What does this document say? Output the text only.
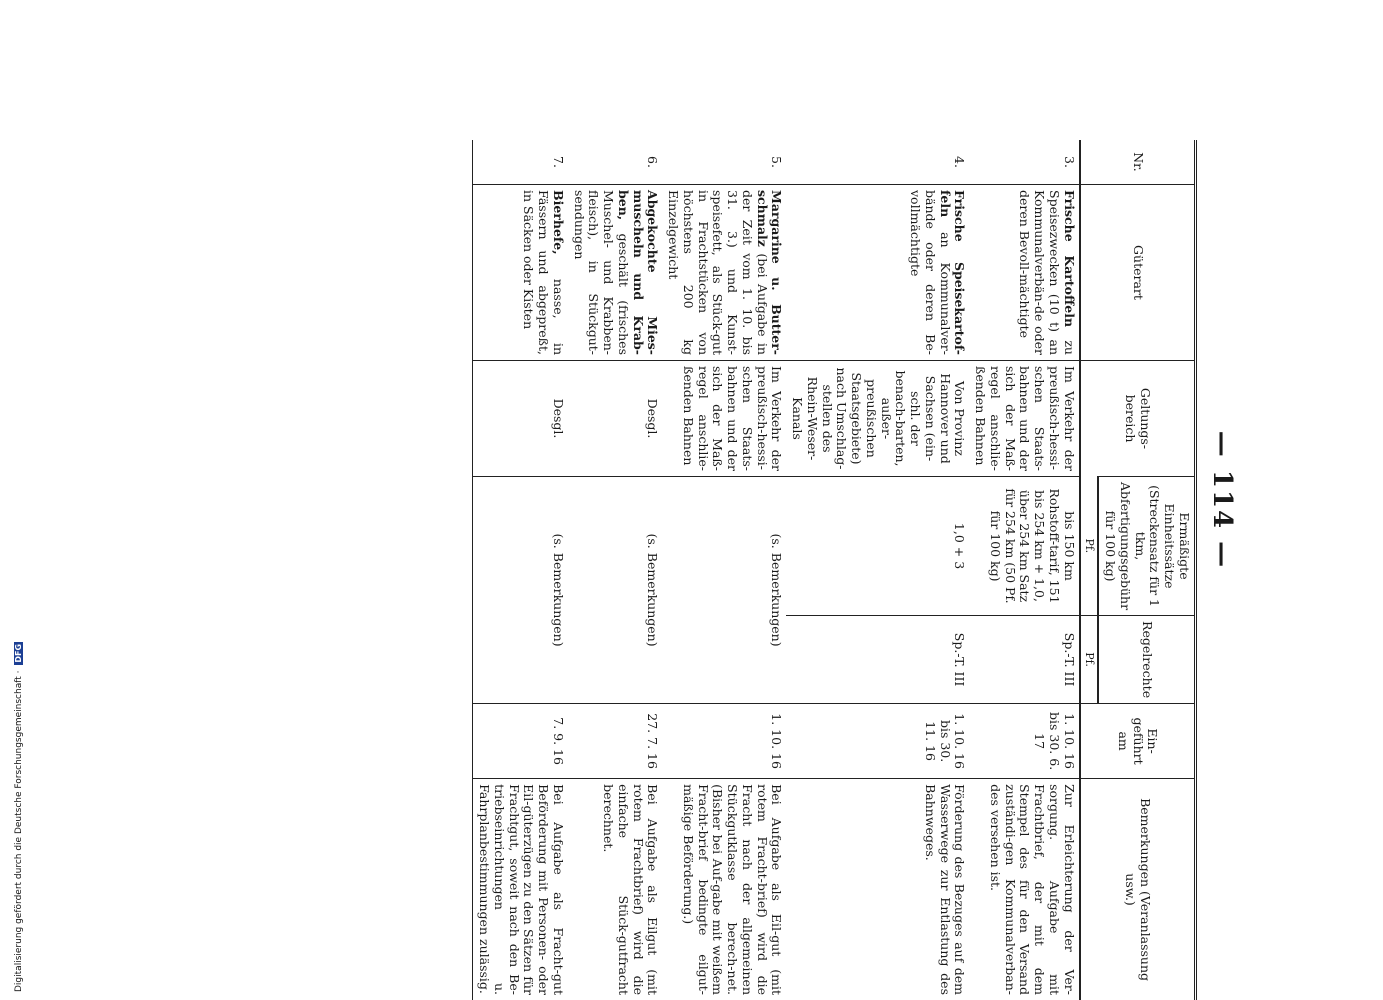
— 114 —
Nr.	Güterart	Geltungs-bereich	Ermäßigte Einheitssätze (Streckensatz für 1 tkm, Abfertigungsgebühr für 100 kg)	Regelrechte	Ein-geführt am	Bemerkungen (Veranlassung usw.)
			Pf.	Pf.		
3.	Frische Kartoffeln zu Speisezwecken (10 t) an Kommunalverbän-de oder deren Bevoll-mächtigte	Im Verkehr der preußisch-hessi-schen Staats-bahnen und der sich der Maß-regel anschlie-ßenden Bahnen	bis 150 km Rohstoff-tarif, 151 bis 254 km + 1,0, über 254 km Satz für 254 km (50 Pf. für 100 kg)	Sp.-T. III	1. 10. 16 bis 30. 6. 17	Zur Erleichterung der Ver-sorgung. Aufgabe mit Frachtbrief, der mit dem Stempel des für den Versand zuständi-gen Kommunalverban-des versehen ist.
4.	Frische Speisekartof-feln an Kommunalver-bände oder deren Be-vollmächtigte	Von Provinz Hannover und Sachsen (ein-schl. der benach-barten, außer-preußischen Staatsgebiete) nach Umschlag-stellen des Rhein-Weser-Kanals	1,0 + 3	Sp.-T. III	1. 10. 16 bis 30. 11. 16	Förderung des Bezuges auf dem Wasserwege zur Entlastung des Bahnweges.
5.	Margarine u. Butter-schmalz (bei Aufgabe in der Zeit vom 1. 10. bis 31. 3.) und Kunst-speisefett, als Stück-gut in Frachtstücken von höchstens 200 kg Einzelgewicht	Im Verkehr der preußisch-hessi-schen Staats-bahnen und der sich der Maß-regel anschlie-ßenden Bahnen	(s. Bemerkungen)		1. 10. 16	Bei Aufgabe als Eil-gut (mit rotem Fracht-brief) wird die Fracht nach der allgemeinen Stückgutklasse berech-net. (Bisher bei Auf-gabe mit weißem Fracht-brief bedingte eilgut-mäßige Beförderung.)
6.	Abgekochte Mies-muscheln und Krab-ben, geschält (frisches Muschel- und Krabben-fleisch), in Stückgut-sendungen	Desgl.	(s. Bemerkungen)		27. 7. 16	Bei Aufgabe als Eilgut (mit rotem Frachtbrief) wird die einfache Stück-gutfracht berechnet.
7.	Bierhefe, nasse, in Fässern und abgepreßt, in Säcken oder Kisten	Desgl.	(s. Bemerkungen)		7. 9. 16	Bei Aufgabe als Fracht-gut Beförderung mit Personen- oder Eil-güterzügen zu den Sätzen für Frachtgut, soweit nach den Be-triebseinrichtungen u. Fahrplanbestimmungen zulässig.
Digitalisierung gefördert durch die Deutsche Forschungsgemeinschaft · DFG
